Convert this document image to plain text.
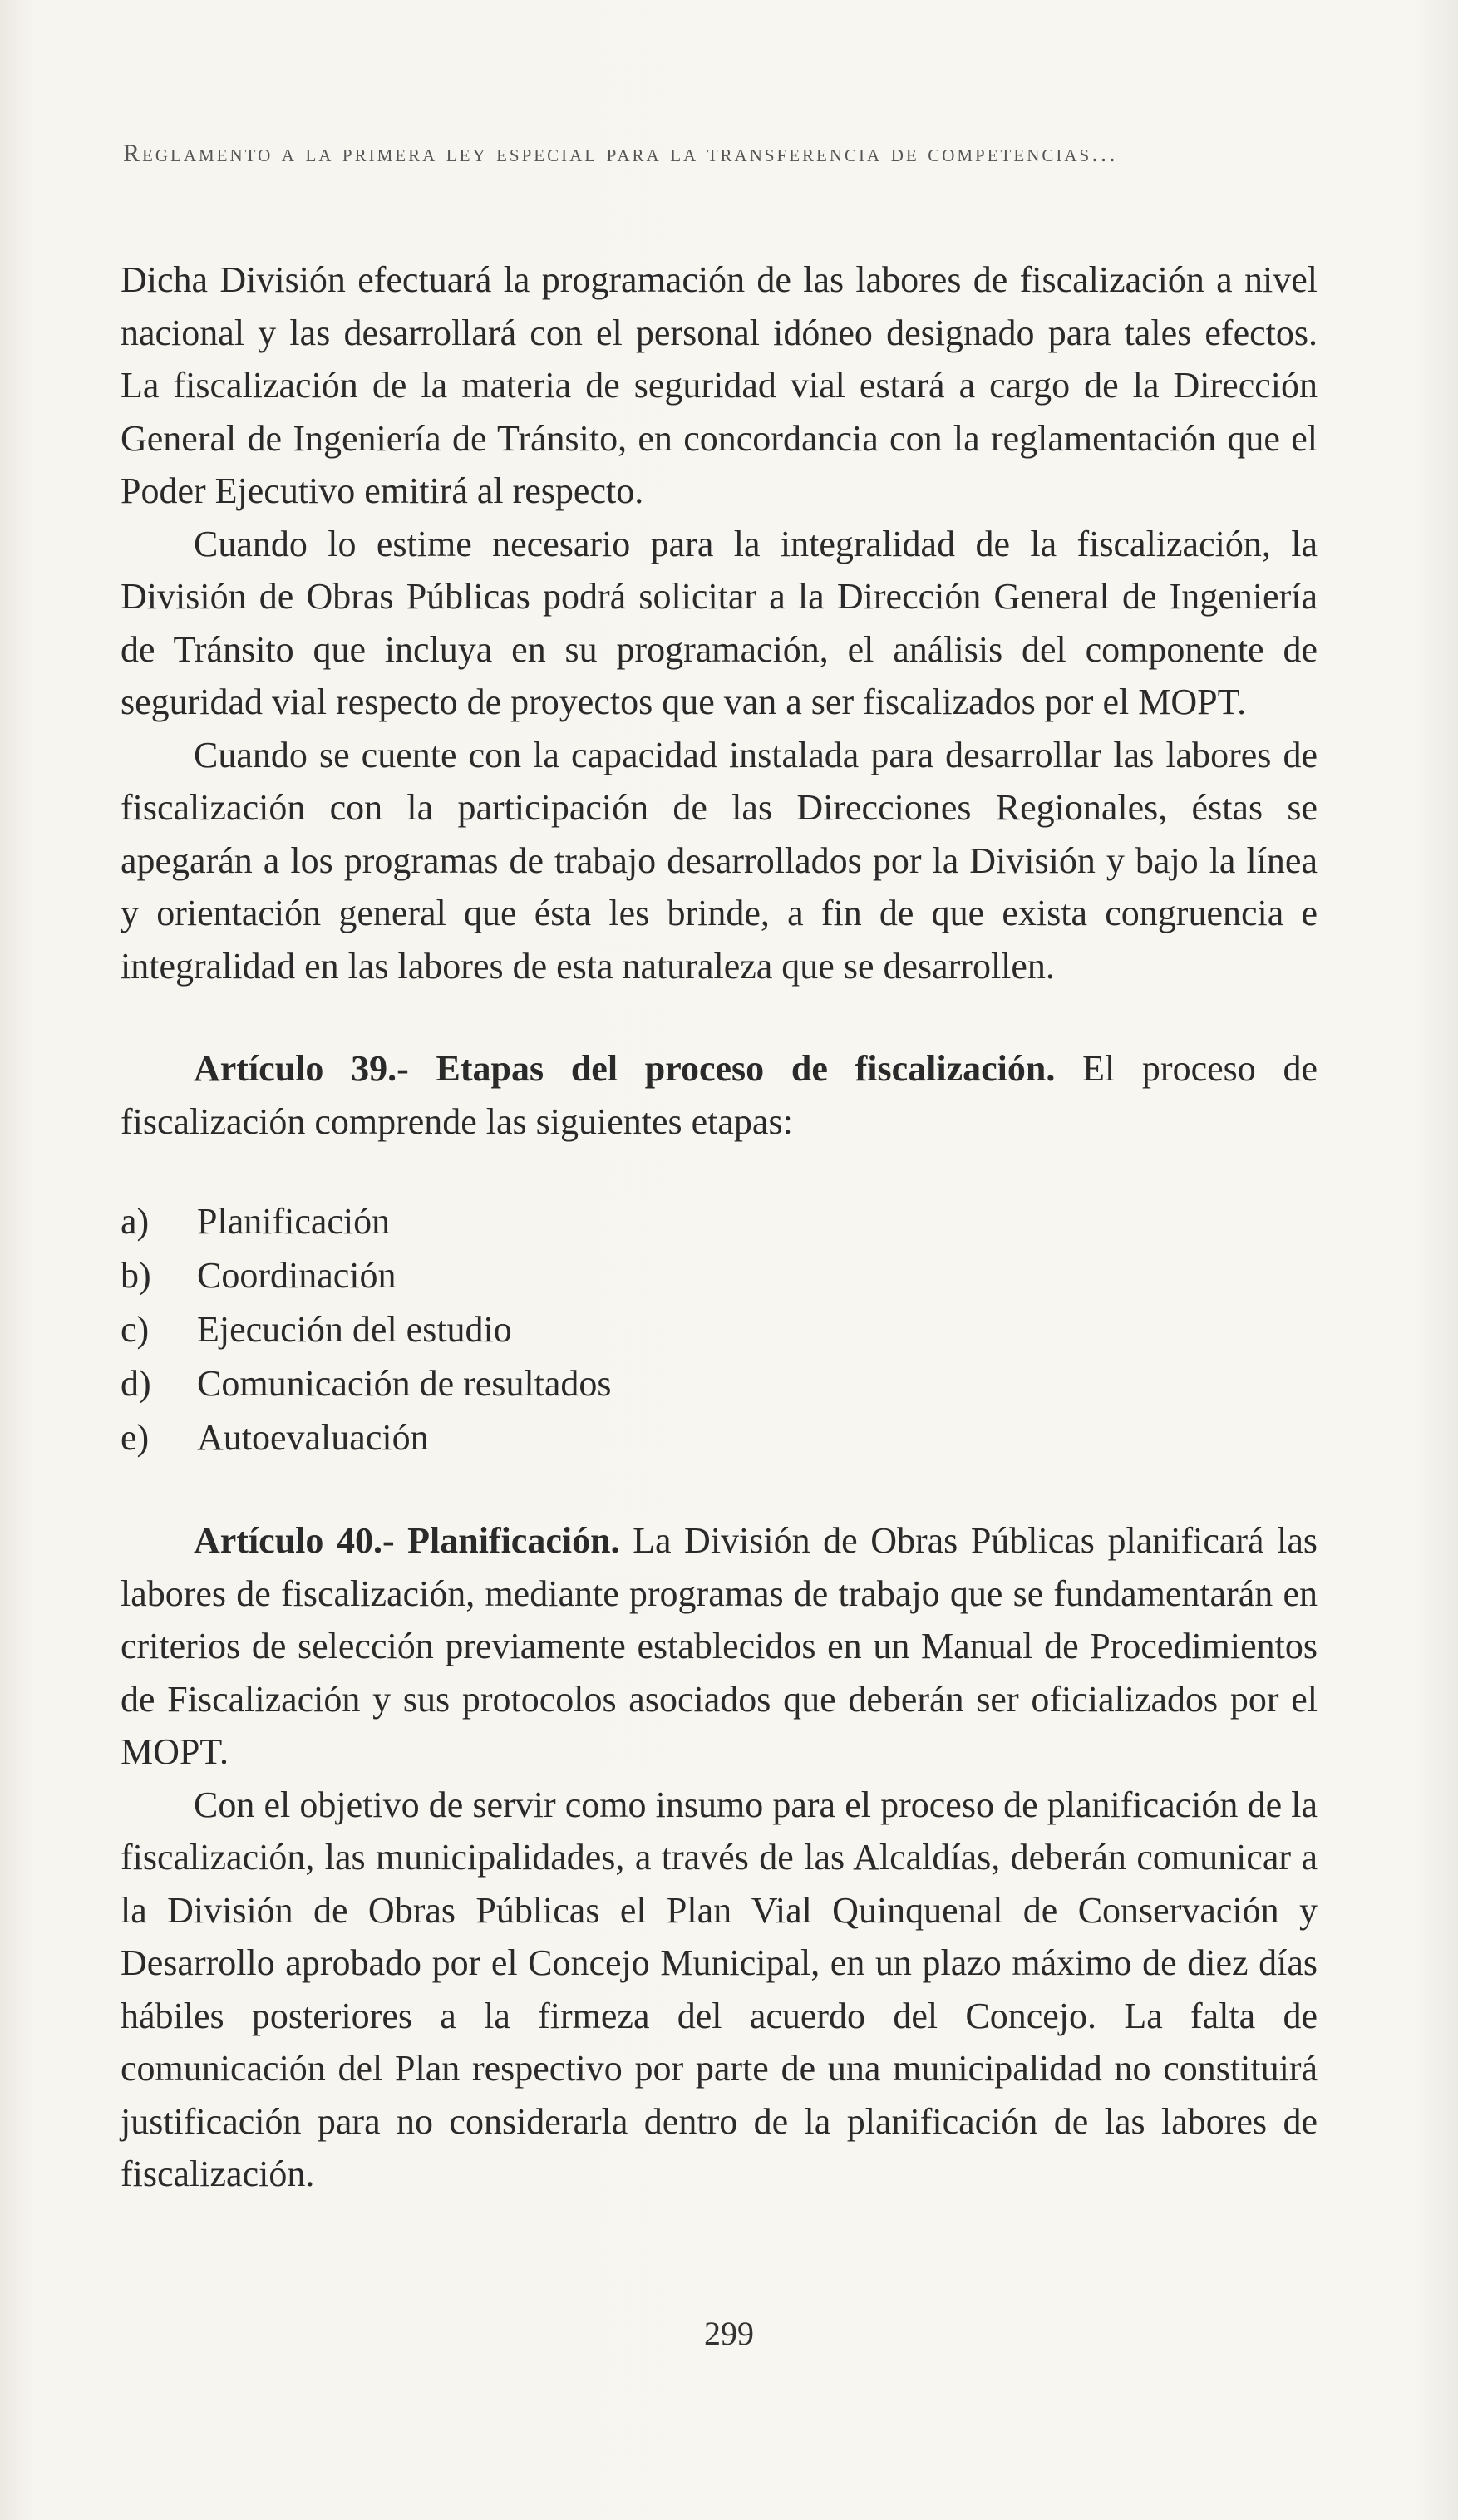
Reglamento a la primera ley especial para la transferencia de competencias...

Dicha División efectuará la programación de las labores de fiscalización a nivel nacional y las desarrollará con el personal idóneo designado para tales efectos. La fiscalización de la materia de seguridad vial estará a cargo de la Dirección General de Ingeniería de Tránsito, en concordancia con la reglamentación que el Poder Ejecutivo emitirá al respecto.

Cuando lo estime necesario para la integralidad de la fiscalización, la División de Obras Públicas podrá solicitar a la Dirección General de Ingeniería de Tránsito que incluya en su programación, el análisis del componente de seguridad vial respecto de proyectos que van a ser fiscalizados por el MOPT.

Cuando se cuente con la capacidad instalada para desarrollar las labores de fiscalización con la participación de las Direcciones Regionales, éstas se apegarán a los programas de trabajo desarrollados por la División y bajo la línea y orientación general que ésta les brinde, a fin de que exista congruencia e integralidad en las labores de esta naturaleza que se desarrollen.

Artículo 39.- Etapas del proceso de fiscalización. El proceso de fiscalización comprende las siguientes etapas:

a)	Planificación
b)	Coordinación
c)	Ejecución del estudio
d)	Comunicación de resultados
e)	Autoevaluación

Artículo 40.- Planificación. La División de Obras Públicas planificará las labores de fiscalización, mediante programas de trabajo que se fundamentarán en criterios de selección previamente establecidos en un Manual de Procedimientos de Fiscalización y sus protocolos asociados que deberán ser oficializados por el MOPT.

Con el objetivo de servir como insumo para el proceso de planificación de la fiscalización, las municipalidades, a través de las Alcaldías, deberán comunicar a la División de Obras Públicas el Plan Vial Quinquenal de Conservación y Desarrollo aprobado por el Concejo Municipal, en un plazo máximo de diez días hábiles posteriores a la firmeza del acuerdo del Concejo. La falta de comunicación del Plan respectivo por parte de una municipalidad no constituirá justificación para no considerarla dentro de la planificación de las labores de fiscalización.

299
